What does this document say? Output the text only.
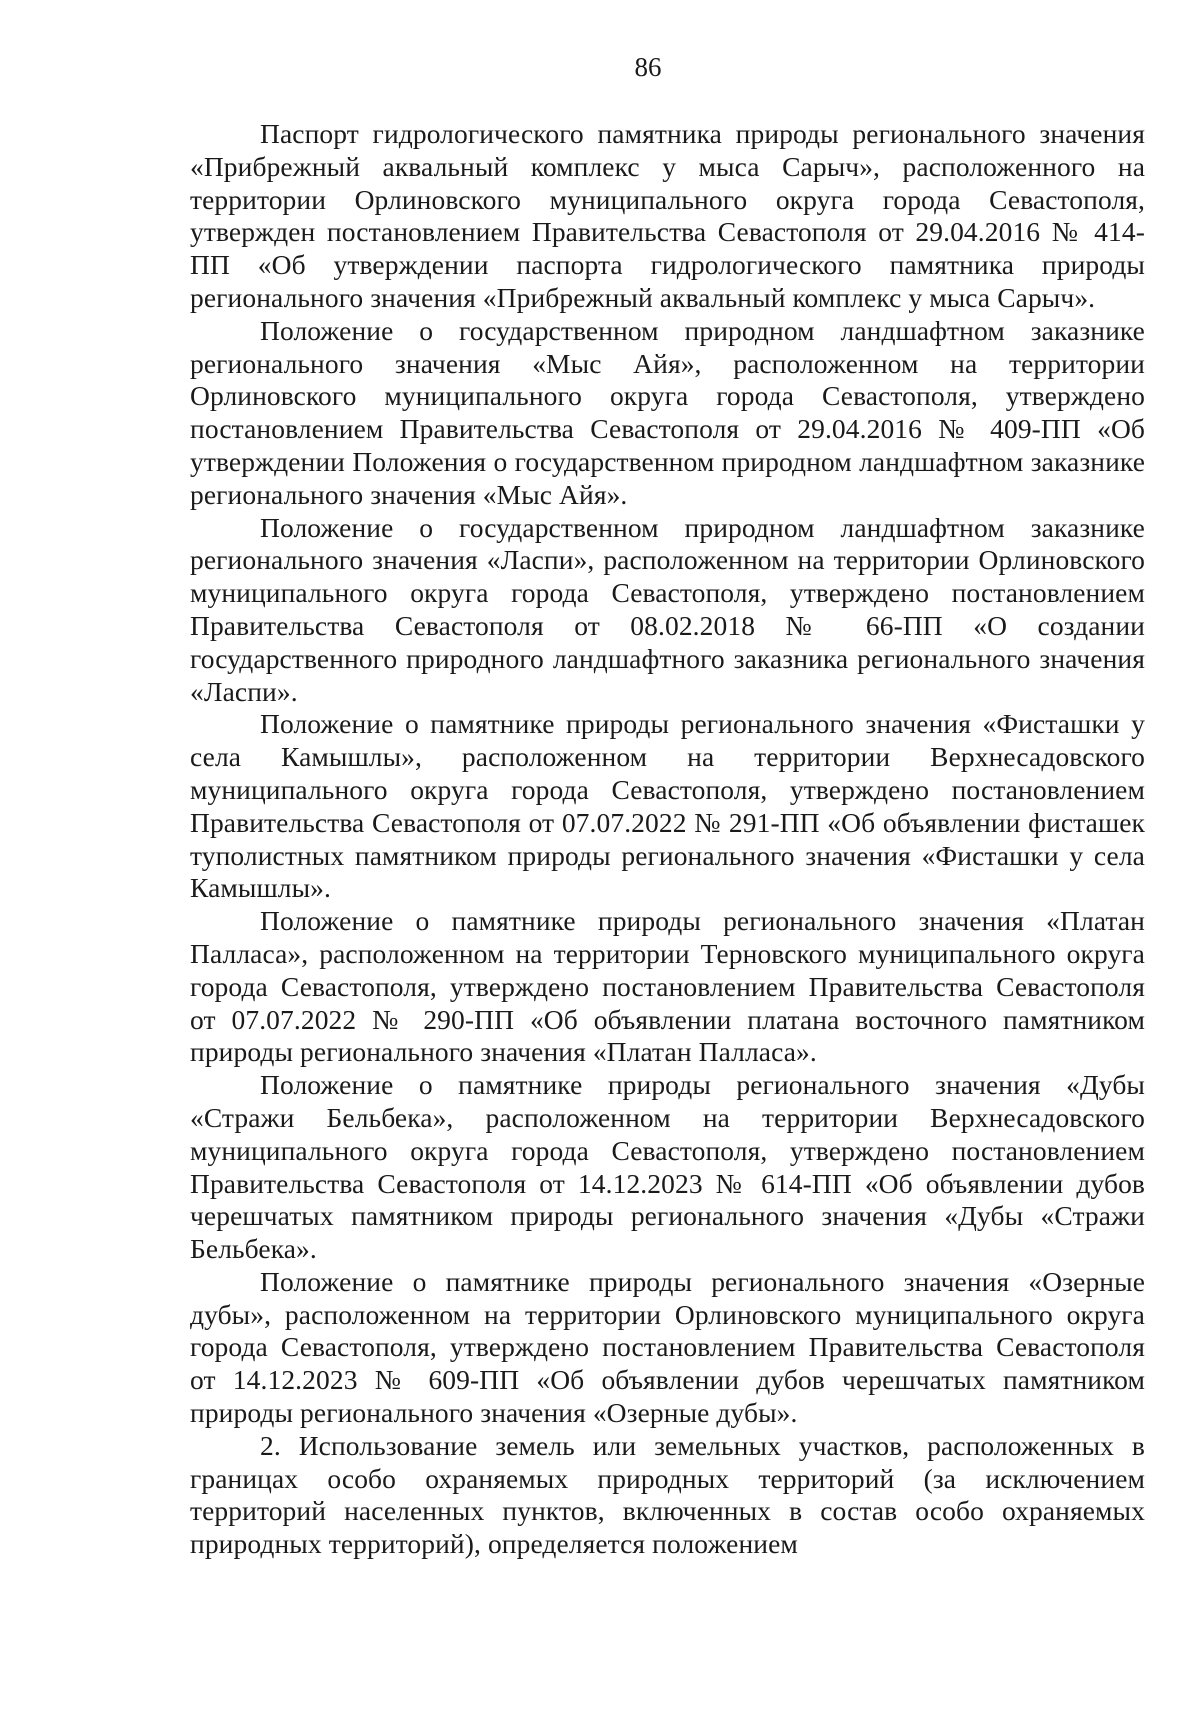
86

Паспорт гидрологического памятника природы регионального значения «Прибрежный аквальный комплекс у мыса Сарыч», расположенного на территории Орлиновского муниципального округа города Севастополя, утвержден постановлением Правительства Севастополя от 29.04.2016 № 414-ПП «Об утверждении паспорта гидрологического памятника природы регионального значения «Прибрежный аквальный комплекс у мыса Сарыч».

Положение о государственном природном ландшафтном заказнике регионального значения «Мыс Айя», расположенном на территории Орлиновского муниципального округа города Севастополя, утверждено постановлением Правительства Севастополя от 29.04.2016 № 409-ПП «Об утверждении Положения о государственном природном ландшафтном заказнике регионального значения «Мыс Айя».

Положение о государственном природном ландшафтном заказнике регионального значения «Ласпи», расположенном на территории Орлиновского муниципального округа города Севастополя, утверждено постановлением Правительства Севастополя от 08.02.2018 № 66-ПП «О создании государственного природного ландшафтного заказника регионального значения «Ласпи».

Положение о памятнике природы регионального значения «Фисташки у села Камышлы», расположенном на территории Верхнесадовского муниципального округа города Севастополя, утверждено постановлением Правительства Севастополя от 07.07.2022 № 291-ПП «Об объявлении фисташек туполистных памятником природы регионального значения «Фисташки у села Камышлы».

Положение о памятнике природы регионального значения «Платан Палласа», расположенном на территории Терновского муниципального округа города Севастополя, утверждено постановлением Правительства Севастополя от 07.07.2022 № 290-ПП «Об объявлении платана восточного памятником природы регионального значения «Платан Палласа».

Положение о памятнике природы регионального значения «Дубы «Стражи Бельбека», расположенном на территории Верхнесадовского муниципального округа города Севастополя, утверждено постановлением Правительства Севастополя от 14.12.2023 № 614-ПП «Об объявлении дубов черешчатых памятником природы регионального значения «Дубы «Стражи Бельбека».

Положение о памятнике природы регионального значения «Озерные дубы», расположенном на территории Орлиновского муниципального округа города Севастополя, утверждено постановлением Правительства Севастополя от 14.12.2023 № 609-ПП «Об объявлении дубов черешчатых памятником природы регионального значения «Озерные дубы».

2. Использование земель или земельных участков, расположенных в границах особо охраняемых природных территорий (за исключением территорий населенных пунктов, включенных в состав особо охраняемых природных территорий), определяется положением
